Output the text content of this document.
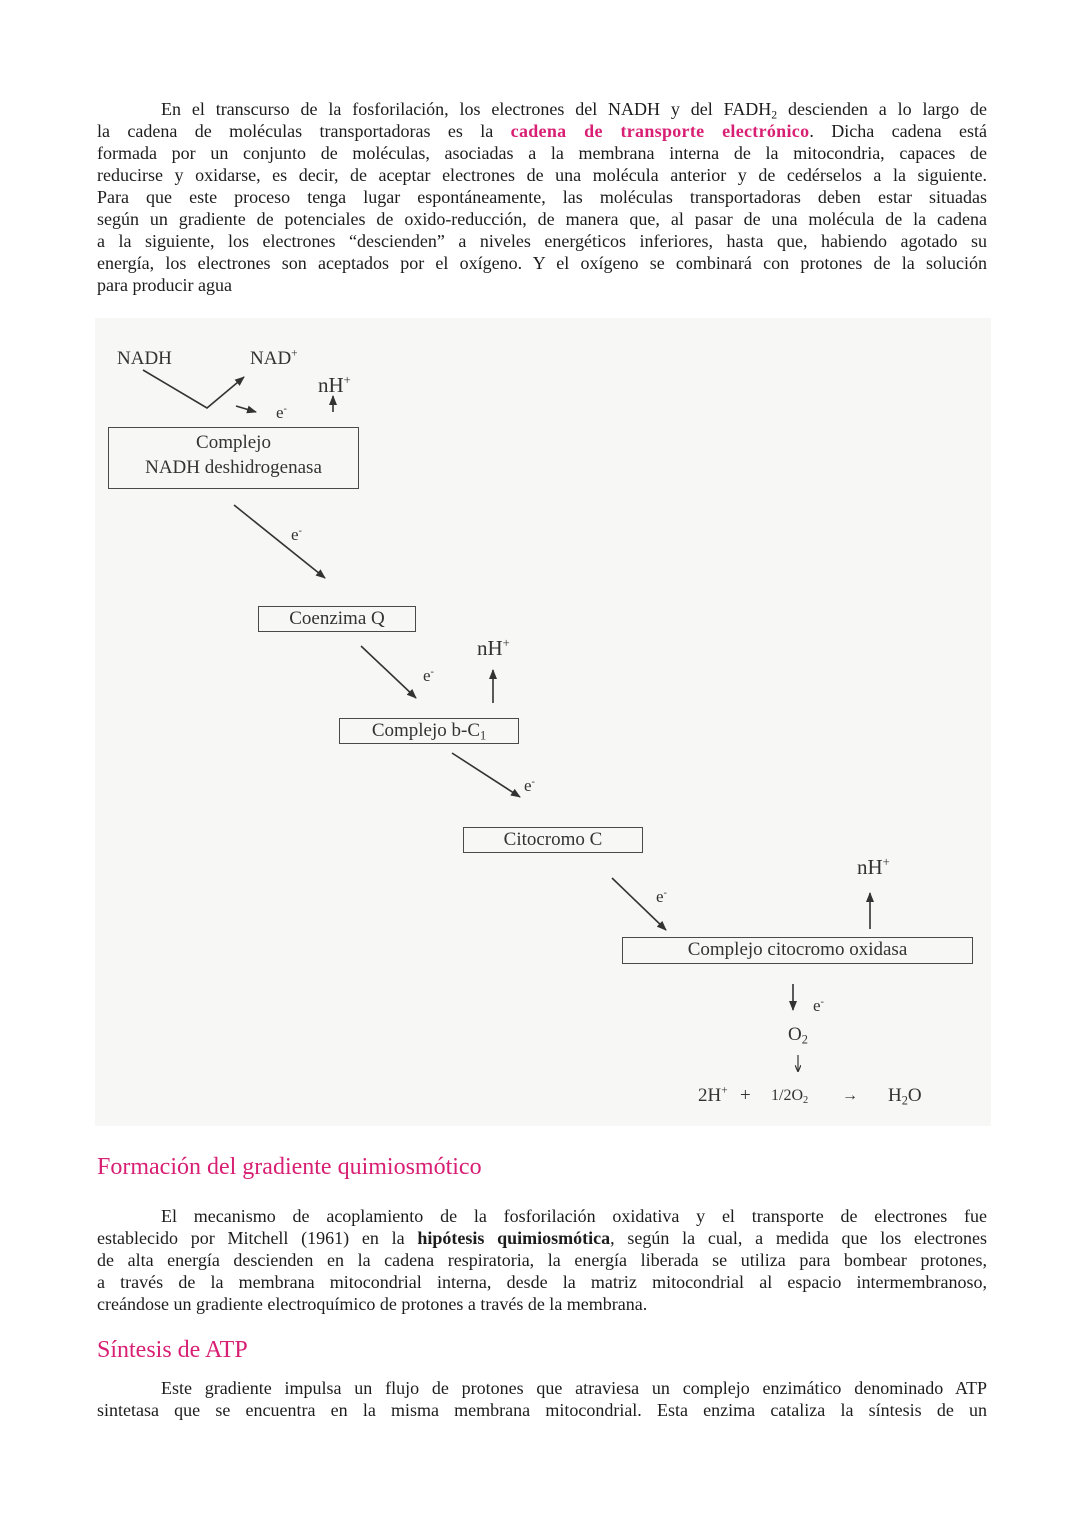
En el transcurso de la fosforilación, los electrones del NADH y del $FADH_2$ descienden a lo largo de
la cadena de moléculas transportadoras es la cadena de transporte electrónico. Dicha cadena está
formada por un conjunto de moléculas, asociadas a la membrana interna de la mitocondria, capaces de
reducirse y oxidarse, es decir, de aceptar electrones de una molécula anterior y de cedérselos a la siguiente.
Para que este proceso tenga lugar espontáneamente, las moléculas transportadoras deben estar situadas
según un gradiente de potenciales de oxido-reducción, de manera que, al pasar de una molécula de la cadena
a la siguiente, los electrones “descienden” a niveles energéticos inferiores, hasta que, habiendo agotado su
energía, los electrones son aceptados por el oxígeno. Y el oxígeno se combinará con protones de la solución
para producir agua
NADH	NAD+
nH+
e-
Complejo
NADH deshidrogenasa
e-
Coenzima Q
nH+
e-
Complejo $b-C_1$
e-
Citocromo C
nH+
e-
Complejo citocromo oxidasa
e-
$O_2$
$2H^+ + 1/2O_2 \to H_2O$
Formación del gradiente quimiosmótico
El mecanismo de acoplamiento de la fosforilación oxidativa y el transporte de electrones fue
establecido por Mitchell (1961) en la hipótesis quimiosmótica, según la cual, a medida que los electrones
de alta energía descienden en la cadena respiratoria, la energía liberada se utiliza para bombear protones,
a través de la membrana mitocondrial interna, desde la matriz mitocondrial al espacio intermembranoso,
creándose un gradiente electroquímico de protones a través de la membrana.
Síntesis de ATP
Este gradiente impulsa un flujo de protones que atraviesa un complejo enzimático denominado ATP
sintetasa que se encuentra en la misma membrana mitocondrial. Esta enzima cataliza la síntesis de un
